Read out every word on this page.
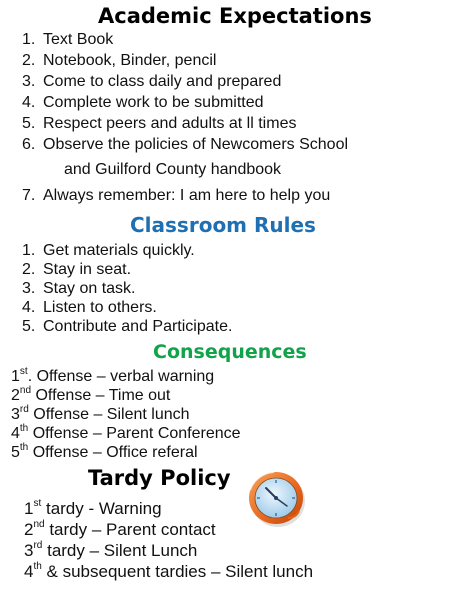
Academic Expectations
1. Text Book
2. Notebook, Binder, pencil
3. Come to class daily and prepared
4. Complete work to be submitted
5. Respect peers and adults at ll times
6. Observe the policies of Newcomers School
and Guilford County handbook
7. Always remember: I am here to help you
Classroom Rules
1. Get materials quickly.
2. Stay in seat.
3. Stay on task.
4. Listen to others.
5. Contribute and Participate.
Consequences
1st. Offense – verbal warning
2nd Offense – Time out
3rd Offense – Silent lunch
4th Offense – Parent Conference
5th Offense – Office referal
Tardy Policy
1st tardy - Warning
2nd tardy – Parent contact
3rd tardy – Silent Lunch
4th & subsequent tardies – Silent lunch
